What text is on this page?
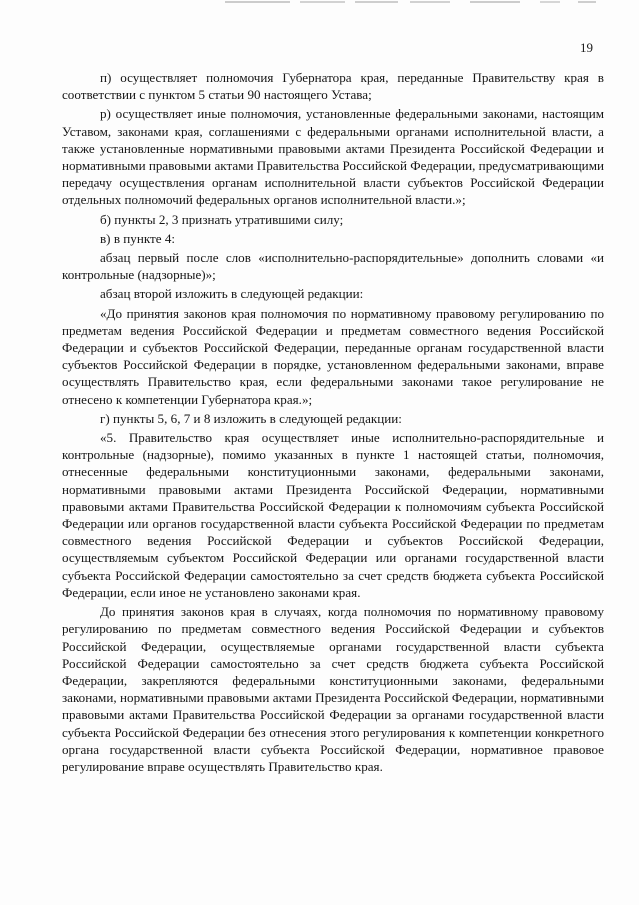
19

п) осуществляет полномочия Губернатора края, переданные Правительству края в соответствии с пунктом 5 статьи 90 настоящего Устава;

р) осуществляет иные полномочия, установленные федеральными законами, настоящим Уставом, законами края, соглашениями с федеральными органами исполнительной власти, а также установленные нормативными правовыми актами Президента Российской Федерации и нормативными правовыми актами Правительства Российской Федерации, предусматривающими передачу осуществления органам исполнительной власти субъектов Российской Федерации отдельных полномочий федеральных органов исполнительной власти.»;

б) пункты 2, 3 признать утратившими силу;

в) в пункте 4:

абзац первый после слов «исполнительно-распорядительные» дополнить словами «и контрольные (надзорные)»;

абзац второй изложить в следующей редакции:

«До принятия законов края полномочия по нормативному правовому регулированию по предметам ведения Российской Федерации и предметам совместного ведения Российской Федерации и субъектов Российской Федерации, переданные органам государственной власти субъектов Российской Федерации в порядке, установленном федеральными законами, вправе осуществлять Правительство края, если федеральными законами такое регулирование не отнесено к компетенции Губернатора края.»;

г) пункты 5, 6, 7 и 8 изложить в следующей редакции:

«5. Правительство края осуществляет иные исполнительно-распорядительные и контрольные (надзорные), помимо указанных в пункте 1 настоящей статьи, полномочия, отнесенные федеральными конституционными законами, федеральными законами, нормативными правовыми актами Президента Российской Федерации, нормативными правовыми актами Правительства Российской Федерации к полномочиям субъекта Российской Федерации или органов государственной власти субъекта Российской Федерации по предметам совместного ведения Российской Федерации и субъектов Российской Федерации, осуществляемым субъектом Российской Федерации или органами государственной власти субъекта Российской Федерации самостоятельно за счет средств бюджета субъекта Российской Федерации, если иное не установлено законами края.

До принятия законов края в случаях, когда полномочия по нормативному правовому регулированию по предметам совместного ведения Российской Федерации и субъектов Российской Федерации, осуществляемые органами государственной власти субъекта Российской Федерации самостоятельно за счет средств бюджета субъекта Российской Федерации, закрепляются федеральными конституционными законами, федеральными законами, нормативными правовыми актами Президента Российской Федерации, нормативными правовыми актами Правительства Российской Федерации за органами государственной власти субъекта Российской Федерации без отнесения этого регулирования к компетенции конкретного органа государственной власти субъекта Российской Федерации, нормативное правовое регулирование вправе осуществлять Правительство края.
